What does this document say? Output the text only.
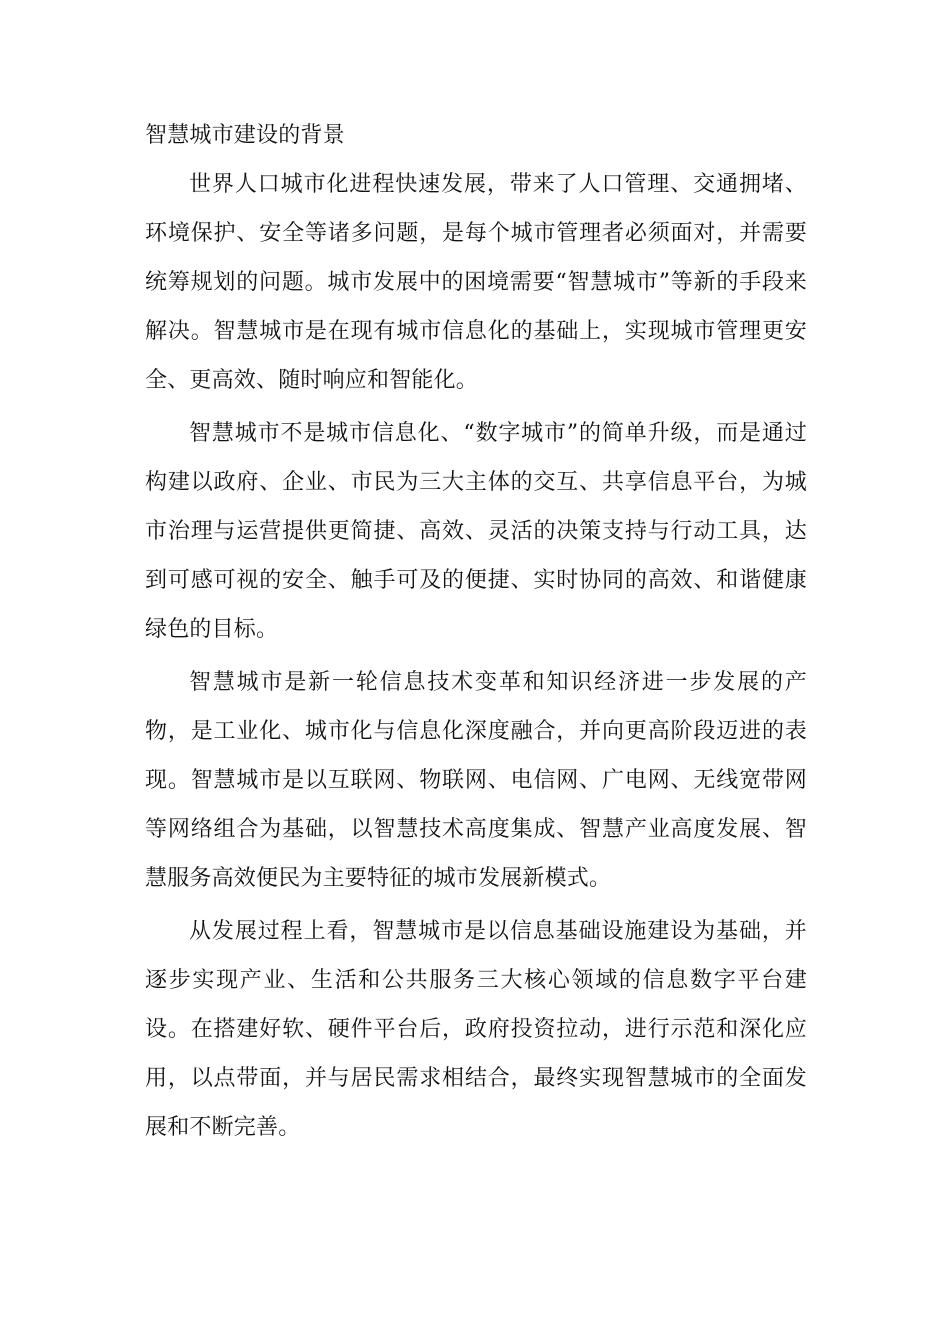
智慧城市建设的背景

世界人口城市化进程快速发展，带来了人口管理、交通拥堵、环境保护、安全等诸多问题，是每个城市管理者必须面对，并需要统筹规划的问题。城市发展中的困境需要“智慧城市”等新的手段来解决。智慧城市是在现有城市信息化的基础上，实现城市管理更安全、更高效、随时响应和智能化。

智慧城市不是城市信息化、“数字城市”的简单升级，而是通过构建以政府、企业、市民为三大主体的交互、共享信息平台，为城市治理与运营提供更简捷、高效、灵活的决策支持与行动工具，达到可感可视的安全、触手可及的便捷、实时协同的高效、和谐健康绿色的目标。

智慧城市是新一轮信息技术变革和知识经济进一步发展的产物，是工业化、城市化与信息化深度融合，并向更高阶段迈进的表现。智慧城市是以互联网、物联网、电信网、广电网、无线宽带网等网络组合为基础，以智慧技术高度集成、智慧产业高度发展、智慧服务高效便民为主要特征的城市发展新模式。

从发展过程上看，智慧城市是以信息基础设施建设为基础，并逐步实现产业、生活和公共服务三大核心领域的信息数字平台建设。在搭建好软、硬件平台后，政府投资拉动，进行示范和深化应用，以点带面，并与居民需求相结合，最终实现智慧城市的全面发展和不断完善。
